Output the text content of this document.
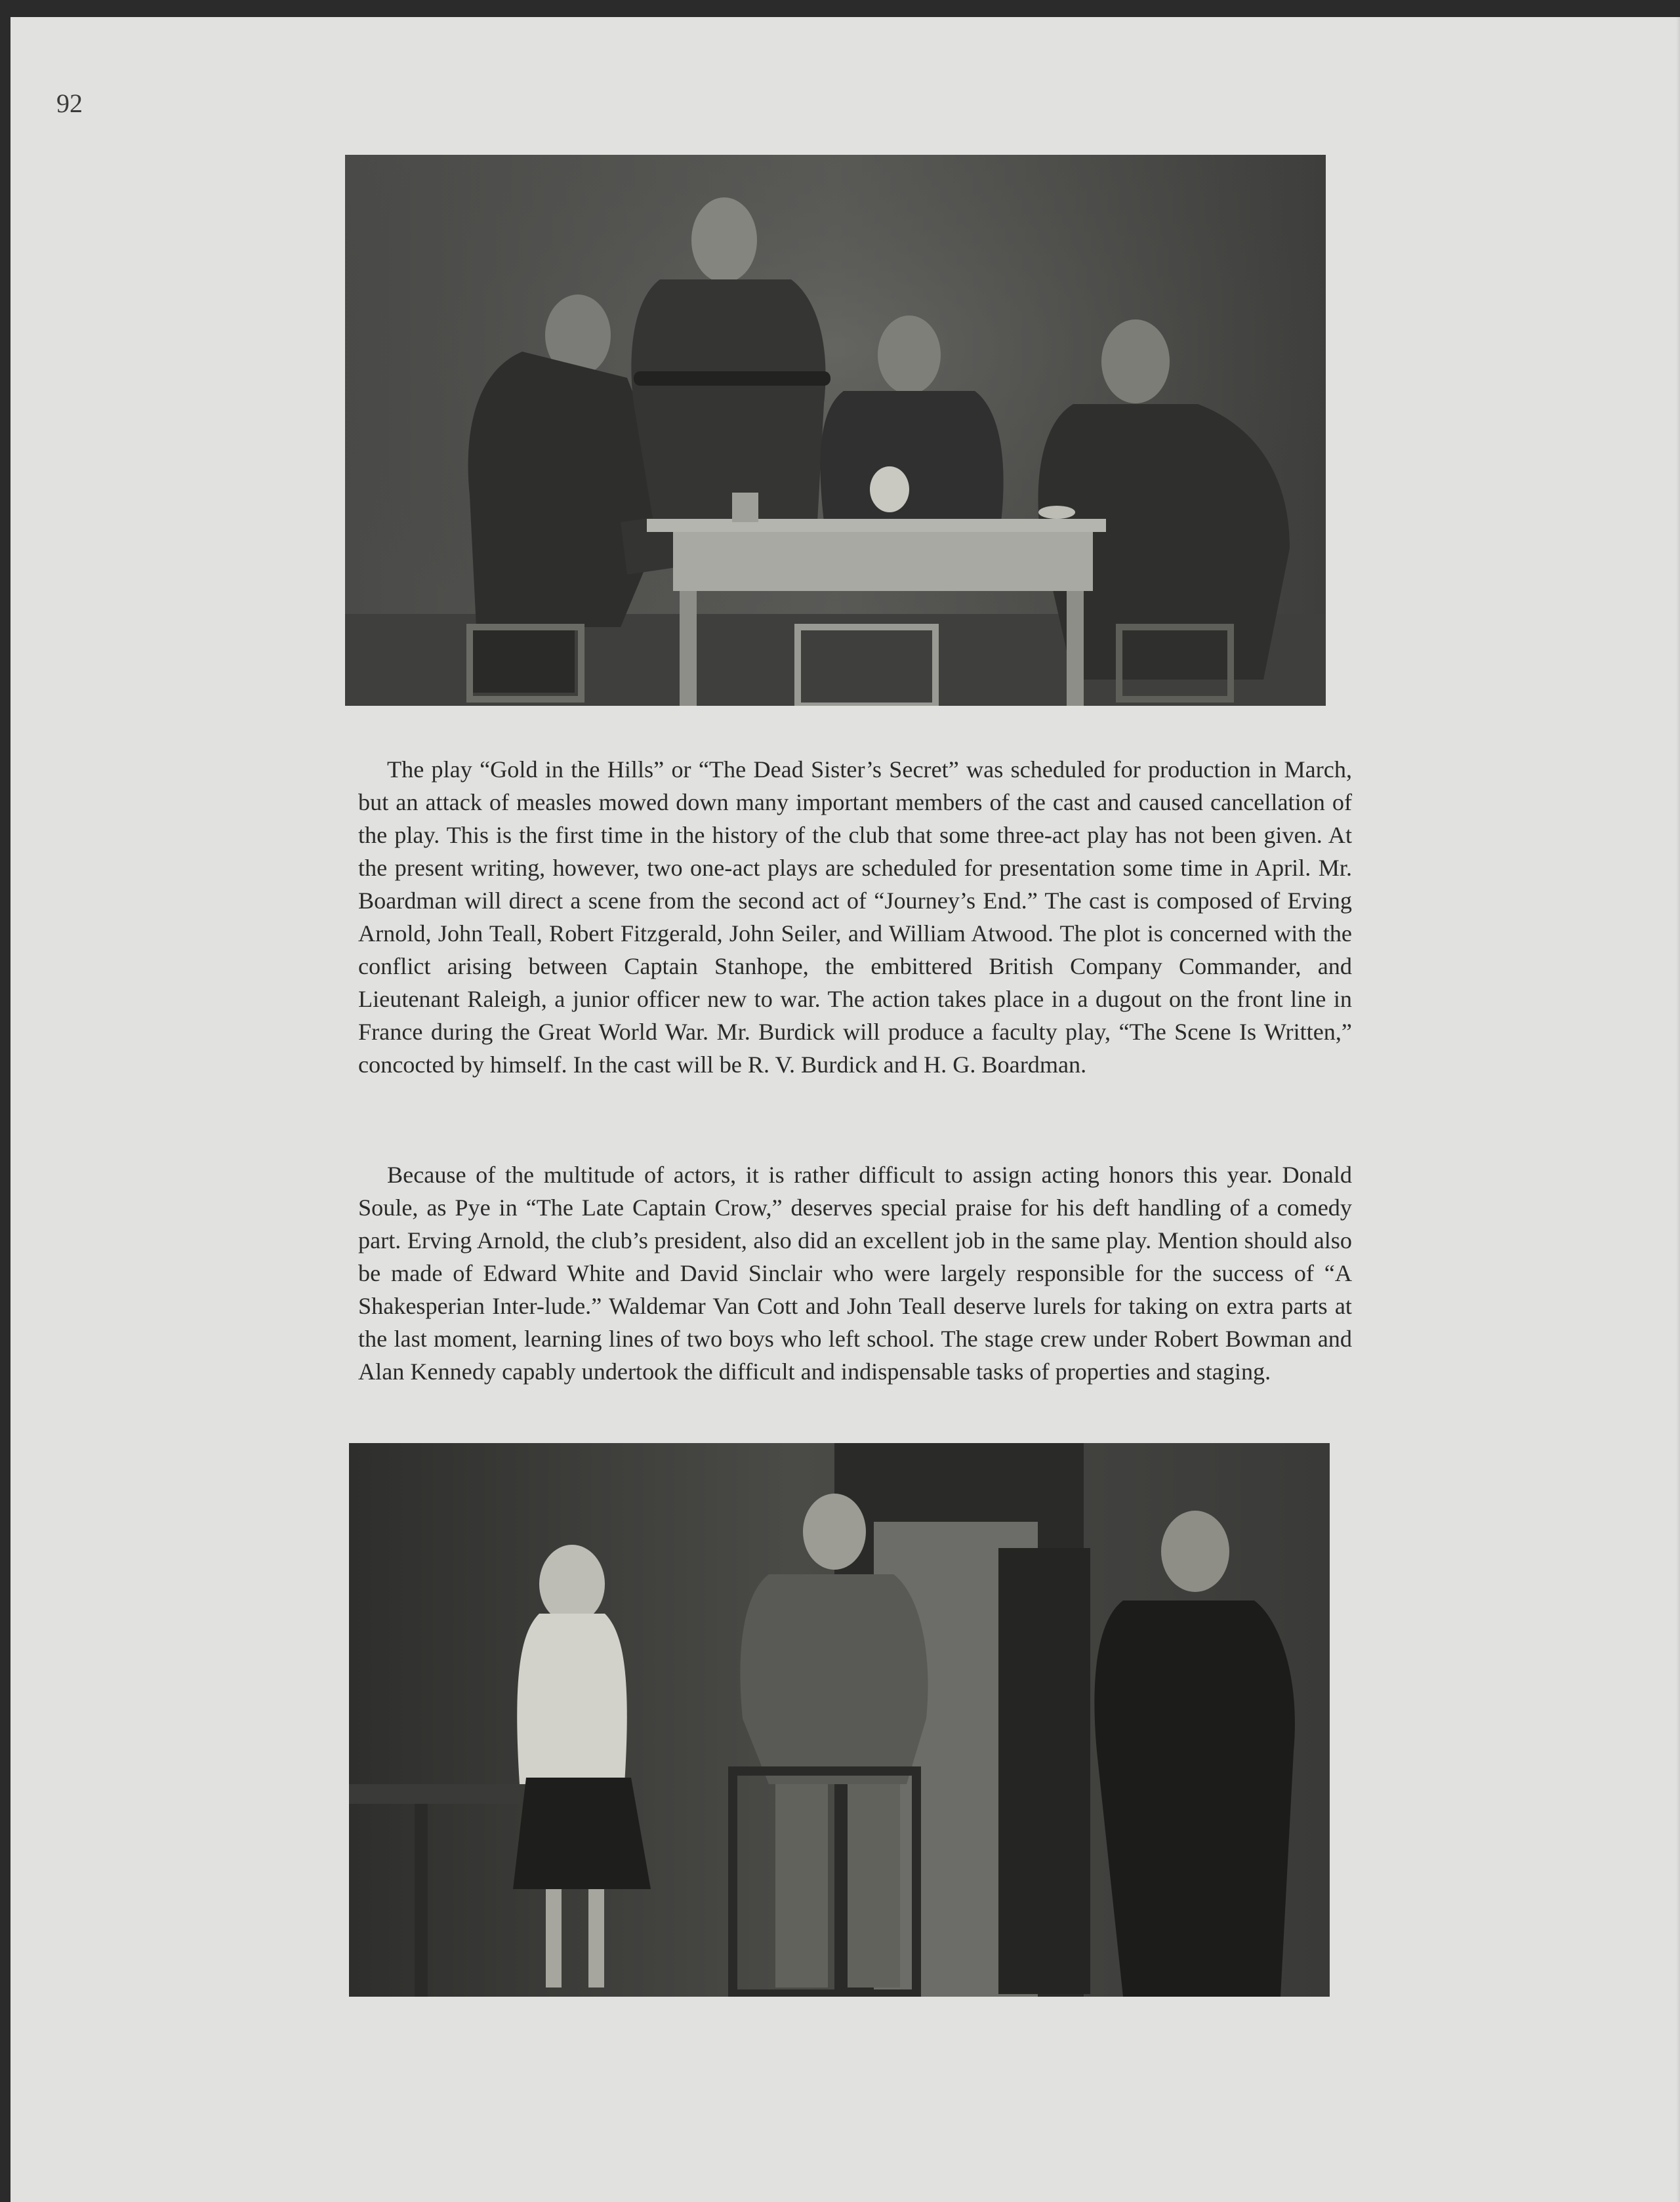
92

The play “Gold in the Hills” or “The Dead Sister’s Secret” was scheduled for production in March, but an attack of measles mowed down many important members of the cast and caused cancellation of the play. This is the first time in the history of the club that some three-act play has not been given. At the present writing, however, two one-act plays are scheduled for presentation some time in April. Mr. Boardman will direct a scene from the second act of “Journey’s End.” The cast is composed of Erving Arnold, John Teall, Robert Fitzgerald, John Seiler, and William Atwood. The plot is concerned with the conflict arising between Captain Stanhope, the embittered British Company Commander, and Lieutenant Raleigh, a junior officer new to war. The action takes place in a dugout on the front line in France during the Great World War. Mr. Burdick will produce a faculty play, “The Scene Is Written,” concocted by himself. In the cast will be R. V. Burdick and H. G. Boardman.

Because of the multitude of actors, it is rather difficult to assign acting honors this year. Donald Soule, as Pye in “The Late Captain Crow,” deserves special praise for his deft handling of a comedy part. Erving Arnold, the club’s president, also did an excellent job in the same play. Mention should also be made of Edward White and David Sinclair who were largely responsible for the success of “A Shakesperian Inter-lude.” Waldemar Van Cott and John Teall deserve lurels for taking on extra parts at the last moment, learning lines of two boys who left school. The stage crew under Robert Bowman and Alan Kennedy capably undertook the difficult and indispensable tasks of properties and staging.
